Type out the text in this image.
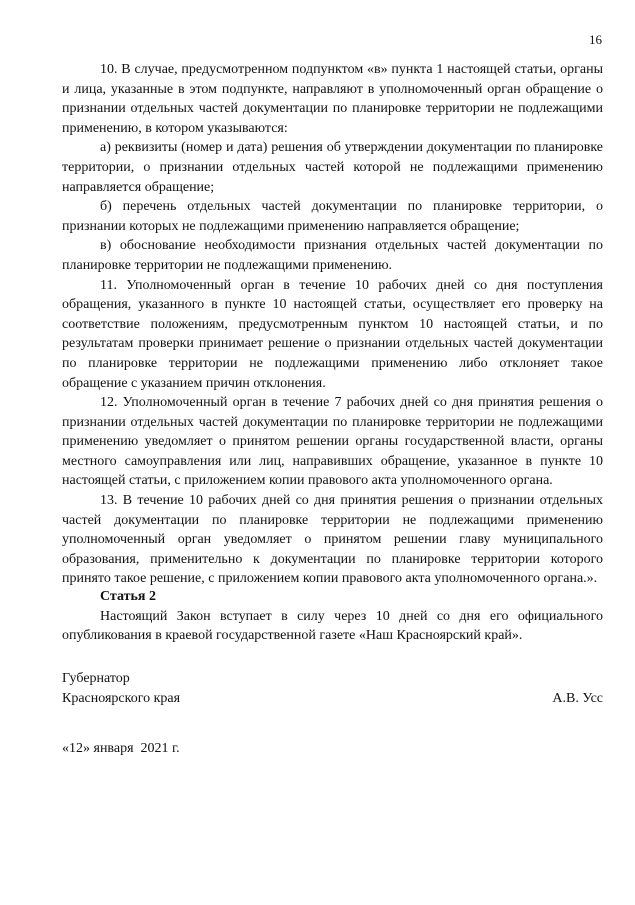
16

10. В случае, предусмотренном подпунктом «в» пункта 1 настоящей статьи, органы и лица, указанные в этом подпункте, направляют в уполномоченный орган обращение о признании отдельных частей документации по планировке территории не подлежащими применению, в котором указываются:

а) реквизиты (номер и дата) решения об утверждении документации по планировке территории, о признании отдельных частей которой не подлежащими применению направляется обращение;

б) перечень отдельных частей документации по планировке территории, о признании которых не подлежащими применению направляется обращение;

в) обоснование необходимости признания отдельных частей документации по планировке территории не подлежащими применению.

11. Уполномоченный орган в течение 10 рабочих дней со дня поступления обращения, указанного в пункте 10 настоящей статьи, осуществляет его проверку на соответствие положениям, предусмотренным пунктом 10 настоящей статьи, и по результатам проверки принимает решение о признании отдельных частей документации по планировке территории не подлежащими применению либо отклоняет такое обращение с указанием причин отклонения.

12. Уполномоченный орган в течение 7 рабочих дней со дня принятия решения о признании отдельных частей документации по планировке территории не подлежащими применению уведомляет о принятом решении органы государственной власти, органы местного самоуправления или лиц, направивших обращение, указанное в пункте 10 настоящей статьи, с приложением копии правового акта уполномоченного органа.

13. В течение 10 рабочих дней со дня принятия решения о признании отдельных частей документации по планировке территории не подлежащими применению уполномоченный орган уведомляет о принятом решении главу муниципального образования, применительно к документации по планировке территории которого принято такое решение, с приложением копии правового акта уполномоченного органа.».

Статья 2

Настоящий Закон вступает в силу через 10 дней со дня его официального опубликования в краевой государственной газете «Наш Красноярский край».

Губернатор
Красноярского края	А.В. Усс
«12» января  2021 г.
